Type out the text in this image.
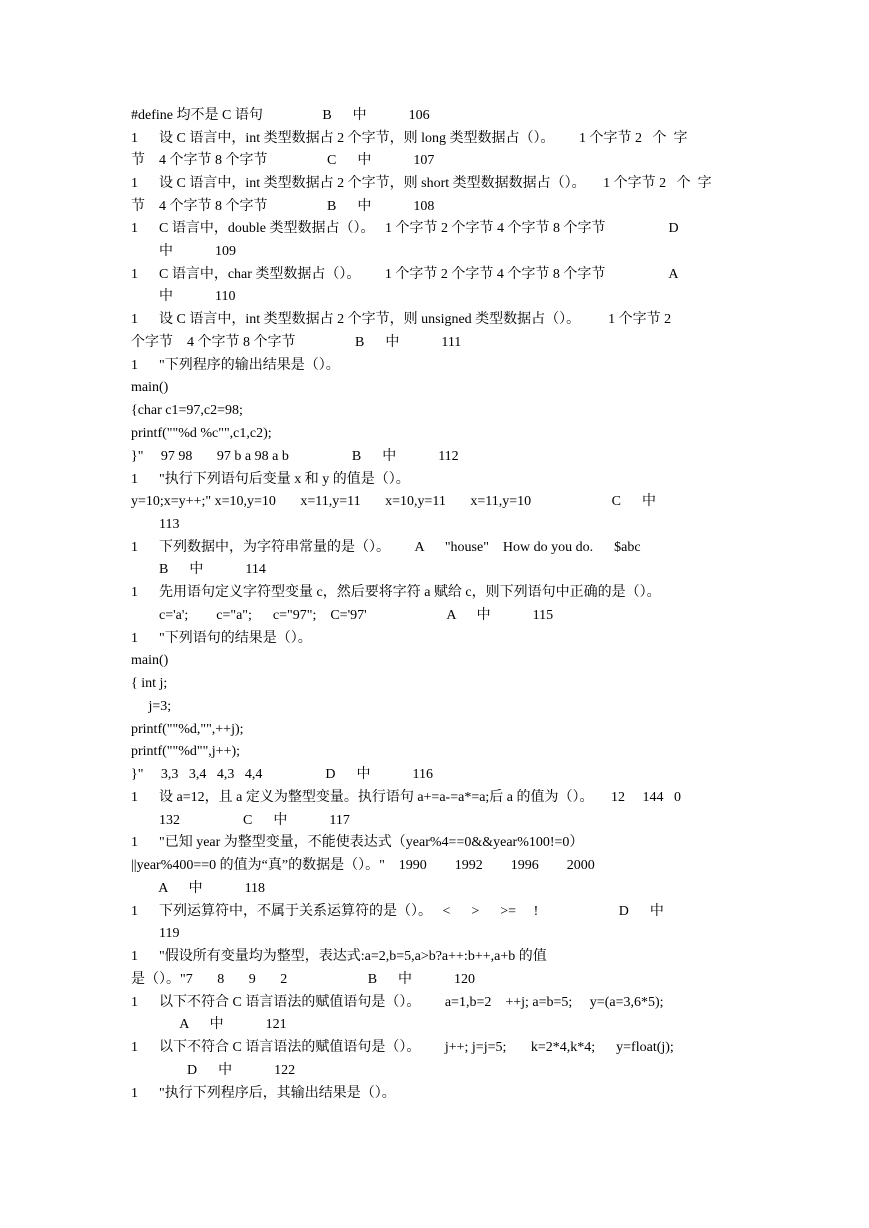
#define 均不是 C 语句                 B      中            106
1      设 C 语言中，int 类型数据占 2 个字节，则 long 类型数据占（）。       1 个字节 2   个  字
节    4 个字节 8 个字节                 C      中            107
1      设 C 语言中，int 类型数据占 2 个字节，则 short 类型数据数据占（）。     1 个字节 2   个  字
节    4 个字节 8 个字节                 B      中            108
1      C 语言中，double 类型数据占（）。   1 个字节 2 个字节 4 个字节 8 个字节                  D
中            109
1      C 语言中，char 类型数据占（）。       1 个字节 2 个字节 4 个字节 8 个字节                  A
中            110
1      设 C 语言中，int 类型数据占 2 个字节，则 unsigned 类型数据占（）。        1 个字节 2
个字节    4 个字节 8 个字节                 B      中            111
1      "下列程序的输出结果是（）。
main()
{char c1=97,c2=98;
printf(""%d %c"",c1,c2);
}"     97 98       97 b a 98 a b                  B      中            112
1      "执行下列语句后变量 x 和 y 的值是（）。
y=10;x=y++;" x=10,y=10       x=11,y=11       x=10,y=11       x=11,y=10                       C      中
113
1      下列数据中，为字符串常量的是（）。       A      "house"    How do you do.      $abc
B      中            114
1      先用语句定义字符型变量 c，然后要将字符 a 赋给 c，则下列语句中正确的是（）。
c='a';        c="a";      c="97";    C='97'                       A      中            115
1      "下列语句的结果是（）。
main()
{ int j;
j=3;
printf(""%d,"",++j);
printf(""%d"",j++);
}"     3,3   3,4   4,3   4,4                  D      中            116
1      设 a=12，且 a 定义为整型变量。执行语句 a+=a-=a*=a;后 a 的值为（）。     12     144   0
132                  C      中            117
1      "已知 year 为整型变量，不能使表达式（year%4==0&&year%100!=0）
||year%400==0 的值为“真”的数据是（）。"    1990        1992        1996        2000
A      中            118
1      下列运算符中，不属于关系运算符的是（）。   <      >      >=     !                       D      中
119
1      "假设所有变量均为整型，表达式:a=2,b=5,a>b?a++:b++,a+b 的值
是（）。"7       8       9       2                       B      中            120
1      以下不符合 C 语言语法的赋值语句是（）。       a=1,b=2    ++j; a=b=5;     y=(a=3,6*5);
A      中            121
1      以下不符合 C 语言语法的赋值语句是（）。       j++; j=j=5;       k=2*4,k*4;      y=float(j);
D      中            122
1      "执行下列程序后，其输出结果是（）。
